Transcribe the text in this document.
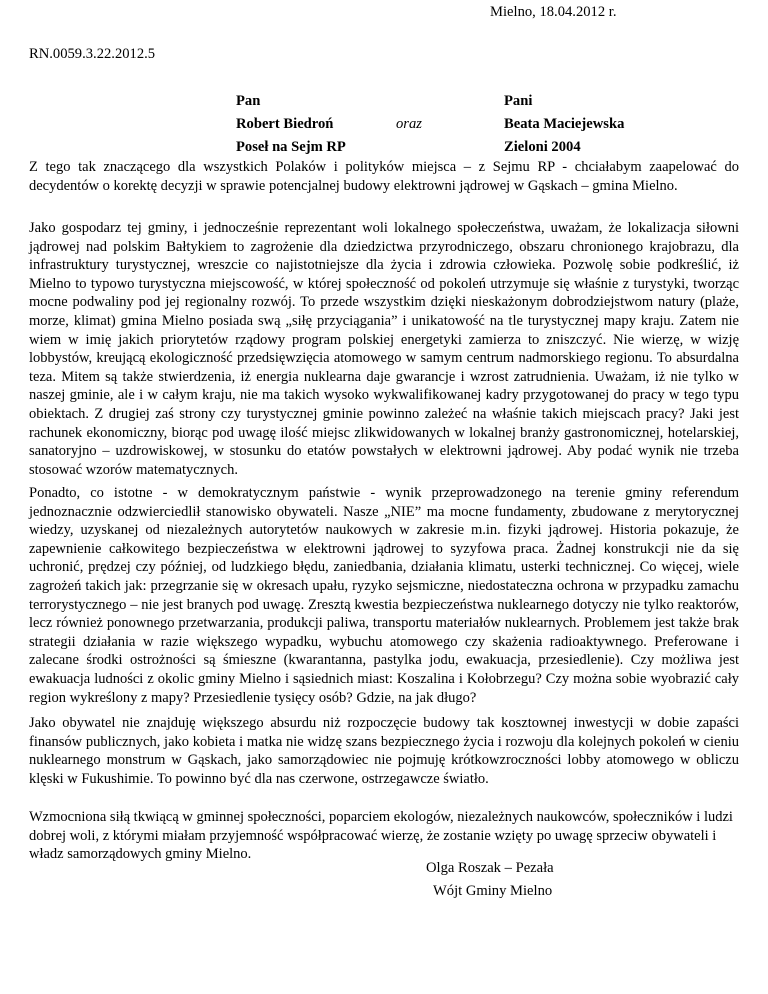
Mielno, 18.04.2012 r.
RN.0059.3.22.2012.5
Pan	Pani
Robert Biedroń	oraz	Beata Maciejewska
Poseł na Sejm RP	Zieloni 2004

Z tego tak znaczącego dla wszystkich Polaków i polityków miejsca – z Sejmu RP - chciałabym zaapelować do decydentów o korektę decyzji w sprawie potencjalnej budowy elektrowni jądrowej w Gąskach – gmina Mielno.

Jako gospodarz tej gminy, i jednocześnie reprezentant woli lokalnego społeczeństwa, uważam, że lokalizacja siłowni jądrowej nad polskim Bałtykiem to zagrożenie dla dziedzictwa przyrodniczego, obszaru chronionego krajobrazu, dla infrastruktury turystycznej, wreszcie co najistotniejsze dla życia i zdrowia człowieka. Pozwolę sobie podkreślić, iż Mielno to typowo turystyczna miejscowość, w której społeczność od pokoleń utrzymuje się właśnie z turystyki, tworząc mocne podwaliny pod jej regionalny rozwój. To przede wszystkim dzięki nieskażonym dobrodziejstwom natury (plaże, morze, klimat) gmina Mielno posiada swą „siłę przyciągania” i unikatowość na tle turystycznej mapy kraju. Zatem nie wiem w imię jakich priorytetów rządowy program polskiej energetyki zamierza to zniszczyć. Nie wierzę, w wizję lobbystów, kreującą ekologiczność przedsięwzięcia atomowego w samym centrum nadmorskiego regionu. To absurdalna teza. Mitem są także stwierdzenia, iż energia nuklearna daje gwarancje i wzrost zatrudnienia. Uważam, iż nie tylko w naszej gminie, ale i w całym kraju, nie ma takich wysoko wykwalifikowanej kadry przygotowanej do pracy w tego typu obiektach. Z drugiej zaś strony czy turystycznej gminie powinno zależeć na właśnie takich miejscach pracy? Jaki jest rachunek ekonomiczny, biorąc pod uwagę ilość miejsc zlikwidowanych w lokalnej branży gastronomicznej, hotelarskiej, sanatoryjno – uzdrowiskowej, w stosunku do etatów powstałych w elektrowni jądrowej. Aby podać wynik nie trzeba stosować wzorów matematycznych.

Ponadto, co istotne - w demokratycznym państwie - wynik przeprowadzonego na terenie gminy referendum jednoznacznie odzwierciedlił stanowisko obywateli. Nasze „NIE” ma mocne fundamenty, zbudowane z merytorycznej wiedzy, uzyskanej od niezależnych autorytetów naukowych w zakresie m.in. fizyki jądrowej. Historia pokazuje, że zapewnienie całkowitego bezpieczeństwa w elektrowni jądrowej to syzyfowa praca. Żadnej konstrukcji nie da się uchronić, prędzej czy później, od ludzkiego błędu, zaniedbania, działania klimatu, usterki technicznej. Co więcej, wiele zagrożeń takich jak: przegrzanie się w okresach upału, ryzyko sejsmiczne, niedostateczna ochrona w przypadku zamachu terrorystycznego – nie jest branych pod uwagę. Zresztą kwestia bezpieczeństwa nuklearnego dotyczy nie tylko reaktorów, lecz również ponownego przetwarzania, produkcji paliwa, transportu materiałów nuklearnych. Problemem jest także brak strategii działania w razie większego wypadku, wybuchu atomowego czy skażenia radioaktywnego. Preferowane i zalecane środki ostrożności są śmieszne (kwarantanna, pastylka jodu, ewakuacja, przesiedlenie). Czy możliwa jest ewakuacja ludności z okolic gminy Mielno i sąsiednich miast: Koszalina i Kołobrzegu? Czy można sobie wyobrazić cały region wykreślony z mapy? Przesiedlenie tysięcy osób? Gdzie, na jak długo?

Jako obywatel nie znajduję większego absurdu niż rozpoczęcie budowy tak kosztownej inwestycji w dobie zapaści finansów publicznych, jako kobieta i matka nie widzę szans bezpiecznego życia i rozwoju dla kolejnych pokoleń w cieniu nuklearnego monstrum w Gąskach, jako samorządowiec nie pojmuję krótkowzroczności lobby atomowego w obliczu klęski w Fukushimie. To powinno być dla nas czerwone, ostrzegawcze światło.

Wzmocniona siłą tkwiącą w gminnej społeczności, poparciem ekologów, niezależnych naukowców, społeczników i ludzi dobrej woli, z którymi miałam przyjemność współpracować wierzę, że zostanie wzięty po uwagę sprzeciw obywateli i władz samorządowych gminy Mielno.

Olga Roszak – Pezała
Wójt Gminy Mielno
